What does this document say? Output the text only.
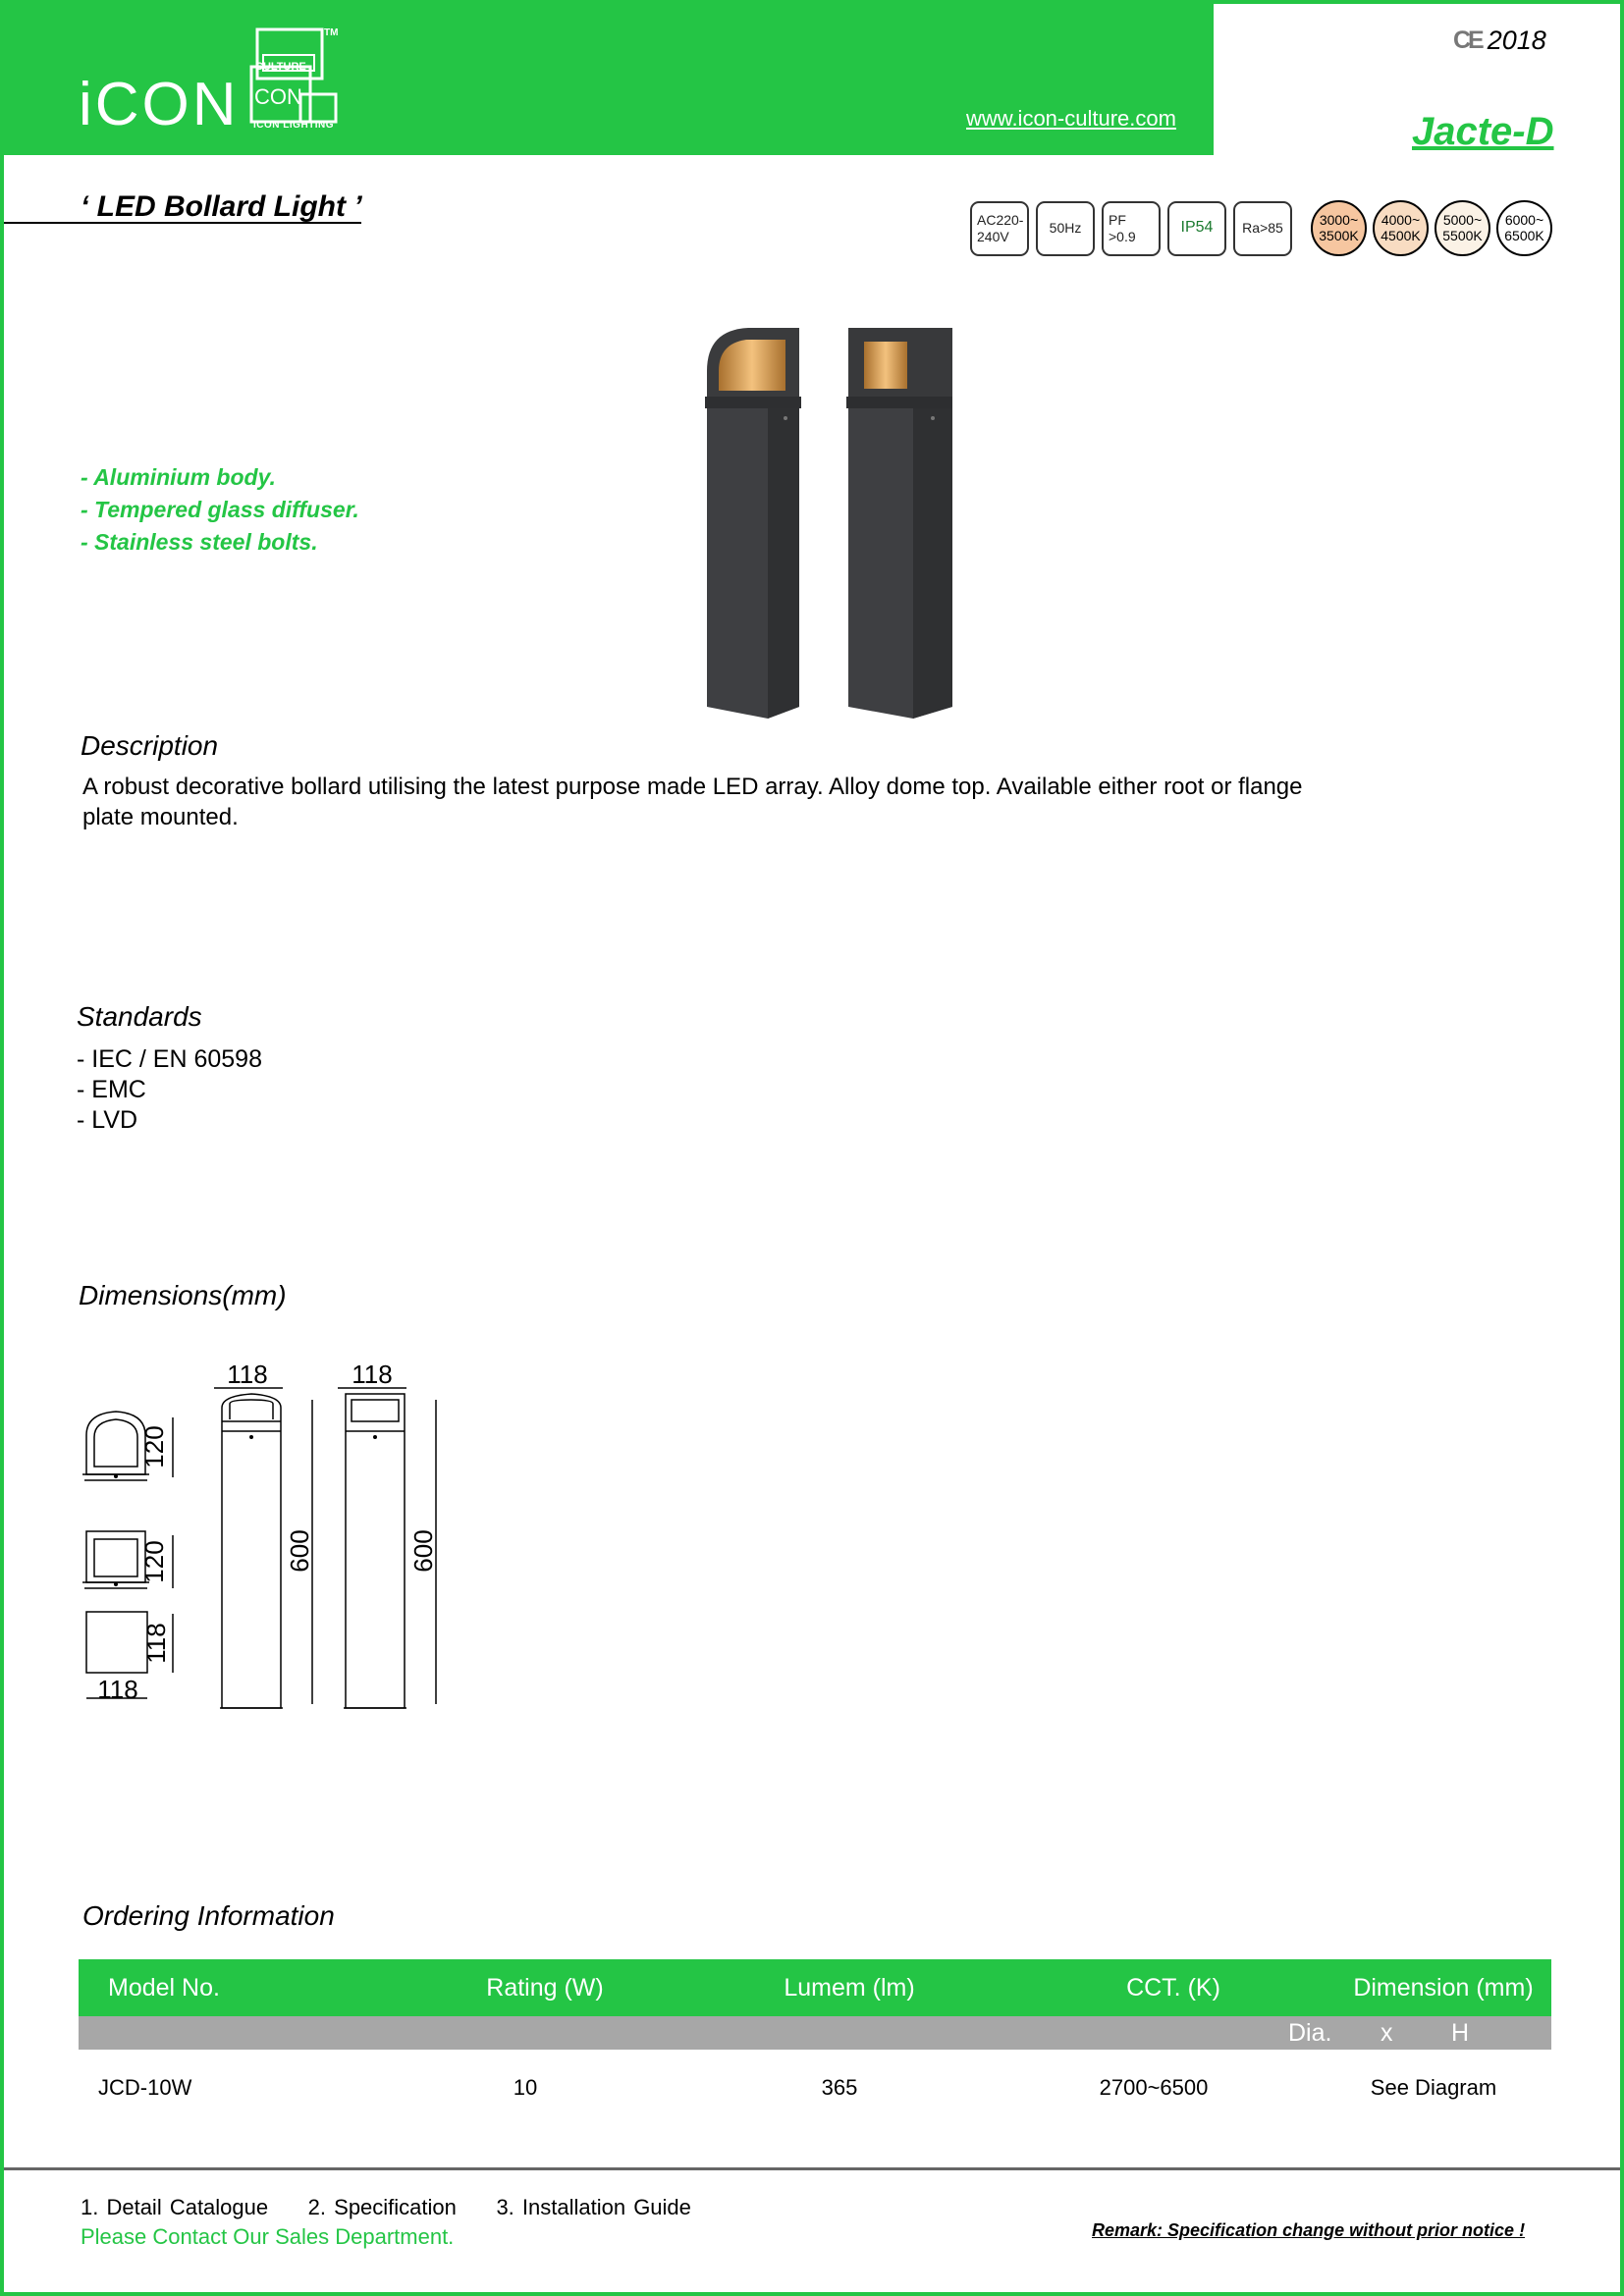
iCON
CULTURE
CON
TM
ICON LIGHTING	www.icon-culture.com
CE 2018
Jacte-D
‘ LED Bollard Light ’	AC220-
240V
50Hz
PF
>0.9
IP54	Ra>85
3000~
3500K
4000~
4500K
5000~
5500K
6000~
6500K
- Aluminium body.
- Tempered glass diffuser.
- Stainless steel bolts.
Description
A robust decorative bollard utilising the latest purpose made LED array. Alloy dome top. Available either root or flange plate mounted.
Standards
- IEC / EN 60598
- EMC
- LVD
Dimensions(mm)
118	118
118
120
120
118
600	600
Ordering Information
Model No.	Rating (W)	Lumem (lm)	CCT. (K)	Dimension (mm)
Dia. x H
JCD-10W	10	365	2700~6500	See Diagram
1. Detail Catalogue     2. Specification     3. Installation Guide
Please Contact Our Sales Department.	Remark: Specification change without prior notice !
